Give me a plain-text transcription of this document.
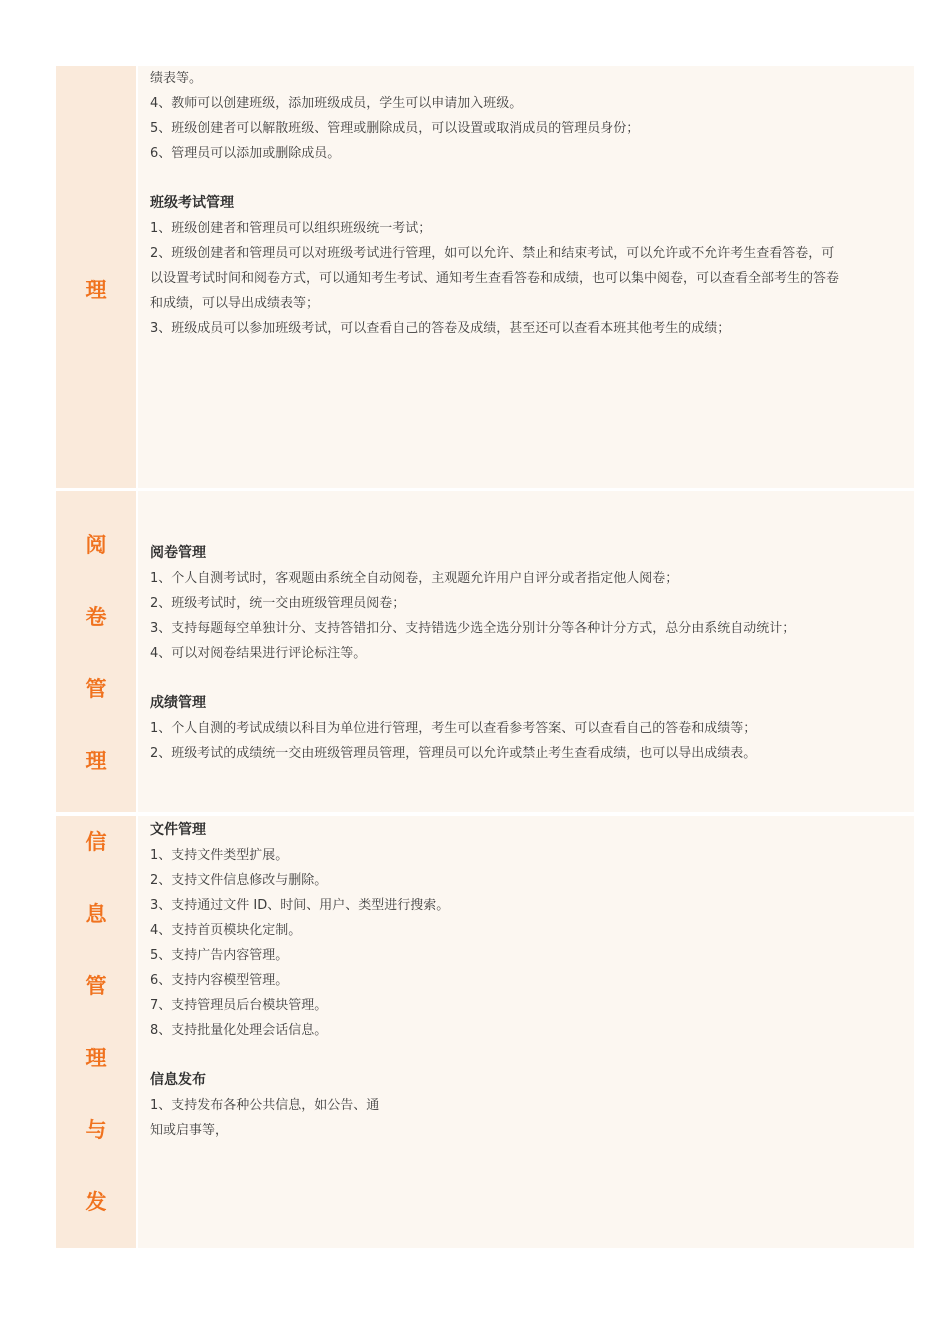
理
绩表等。
4、教师可以创建班级，添加班级成员，学生可以申请加入班级。
5、班级创建者可以解散班级、管理或删除成员，可以设置或取消成员的管理员身份；
6、管理员可以添加或删除成员。
班级考试管理
1、班级创建者和管理员可以组织班级统一考试；
2、班级创建者和管理员可以对班级考试进行管理，如可以允许、禁止和结束考试，可以允许或不允许考生查看答卷，可
以设置考试时间和阅卷方式，可以通知考生考试、通知考生查看答卷和成绩，也可以集中阅卷，可以查看全部考生的答卷
和成绩，可以导出成绩表等；
3、班级成员可以参加班级考试，可以查看自己的答卷及成绩，甚至还可以查看本班其他考生的成绩；
阅
卷
管
理
阅卷管理
1、个人自测考试时，客观题由系统全自动阅卷，主观题允许用户自评分或者指定他人阅卷；
2、班级考试时，统一交由班级管理员阅卷；
3、支持每题每空单独计分、支持答错扣分、支持错选少选全选分别计分等各种计分方式，总分由系统自动统计；
4、可以对阅卷结果进行评论标注等。
成绩管理
1、个人自测的考试成绩以科目为单位进行管理，考生可以查看参考答案、可以查看自己的答卷和成绩等；
2、班级考试的成绩统一交由班级管理员管理，管理员可以允许或禁止考生查看成绩，也可以导出成绩表。
信
息
管
理
与
发
文件管理
1、支持文件类型扩展。
2、支持文件信息修改与删除。
3、支持通过文件 ID、时间、用户、类型进行搜索。
4、支持首页模块化定制。
5、支持广告内容管理。
6、支持内容模型管理。
7、支持管理员后台模块管理。
8、支持批量化处理会话信息。
信息发布
1、支持发布各种公共信息，如公告、通
知或启事等，
